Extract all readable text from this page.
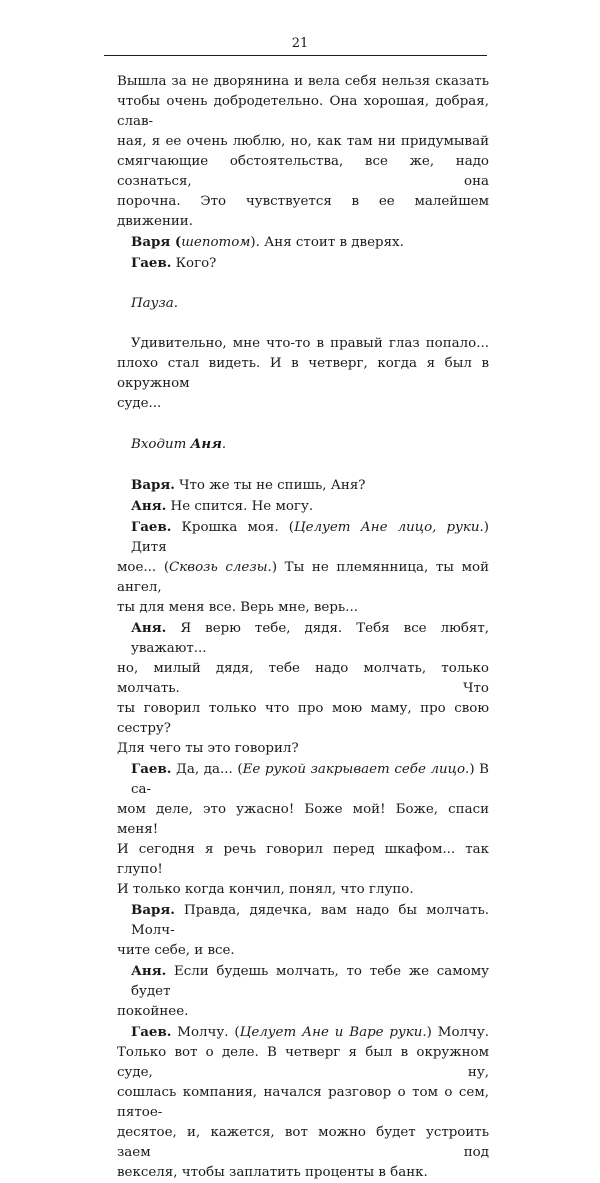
21
Вышла за не дворянина и вела себя нельзя сказать
чтобы очень добродетельно. Она хорошая, добрая, слав-
ная, я ее очень люблю, но, как там ни придумывай
смягчающие обстоятельства, все же, надо сознаться, она
порочна. Это чувствуется в ее малейшем движении.
Варя (шепотом). Аня стоит в дверях.
Гаев. Кого?
Пауза.
Удивительно, мне что-то в правый глаз попало...
плохо стал видеть. И в четверг, когда я был в окружном
суде...
Входит Аня.
Варя. Что же ты не спишь, Аня?
Аня. Не спится. Не могу.
Гаев. Крошка моя. (Целует Ане лицо, руки.) Дитя
мое... (Сквозь слезы.) Ты не племянница, ты мой ангел,
ты для меня все. Верь мне, верь...
Аня. Я верю тебе, дядя. Тебя все любят, уважают...
но, милый дядя, тебе надо молчать, только молчать. Что
ты говорил только что про мою маму, про свою сестру?
Для чего ты это говорил?
Гаев. Да, да... (Ее рукой закрывает себе лицо.) В са-
мом деле, это ужасно! Боже мой! Боже, спаси меня!
И сегодня я речь говорил перед шкафом... так глупо!
И только когда кончил, понял, что глупо.
Варя. Правда, дядечка, вам надо бы молчать. Молч-
чите себе, и все.
Аня. Если будешь молчать, то тебе же самому будет
покойнее.
Гаев. Молчу. (Целует Ане и Варе руки.) Молчу.
Только вот о деле. В четверг я был в окружном суде, ну,
сошлась компания, начался разговор о том о сем, пятое-
десятое, и, кажется, вот можно будет устроить заем под
векселя, чтобы заплатить проценты в банк.
